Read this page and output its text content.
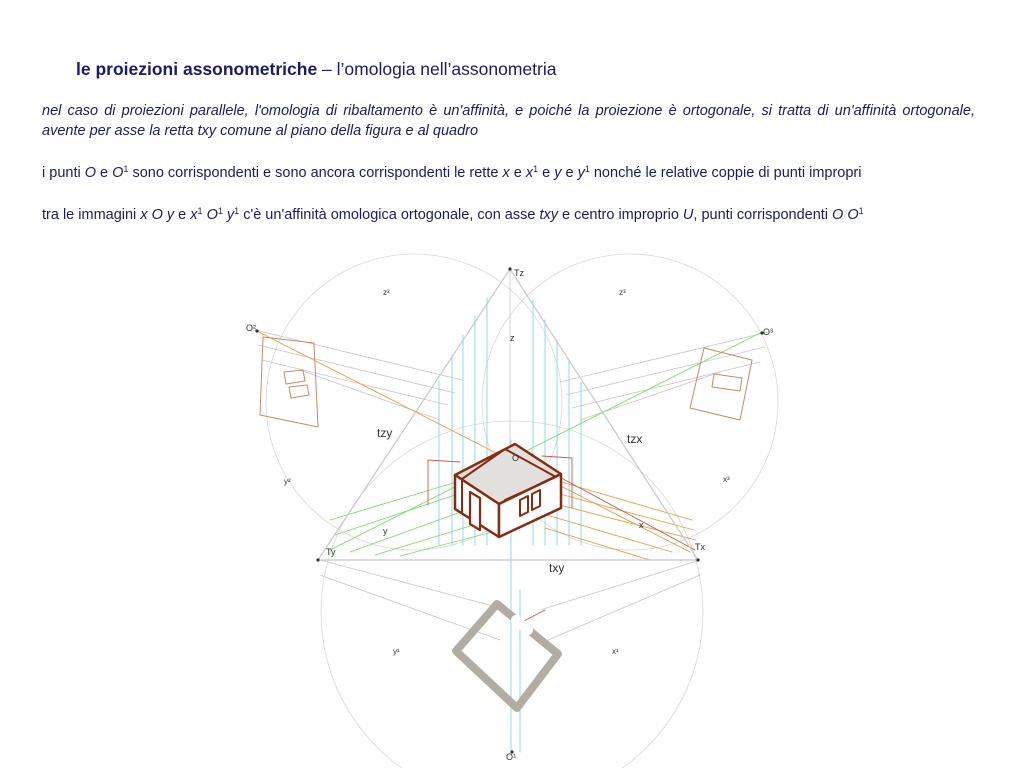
le proiezioni assonometriche – l’omologia nell’assonometria
nel caso di proiezioni parallele, l'omologia di ribaltamento è un'affinità, e poiché la proiezione è ortogonale, si tratta di un'affinità ortogonale, avente per asse la retta txy comune al piano della figura e al quadro
i punti O e $O^1$ sono corrispondenti e sono ancora corrispondenti le rette x e $x^1$ e y e $y^1$ nonché le relative coppie di punti impropri
tra le immagini x O y e $x^1$ $O^1$ $y^1$ c'è un'affinità omologica ortogonale, con asse txy e centro improprio U, punti corrispondenti O $O^1$
Tz
Ty	Tx
O
O¹
O²	O³
z
z²	z³
y
y¹
y²
x
x¹
x³
tzy	tzx
txy
